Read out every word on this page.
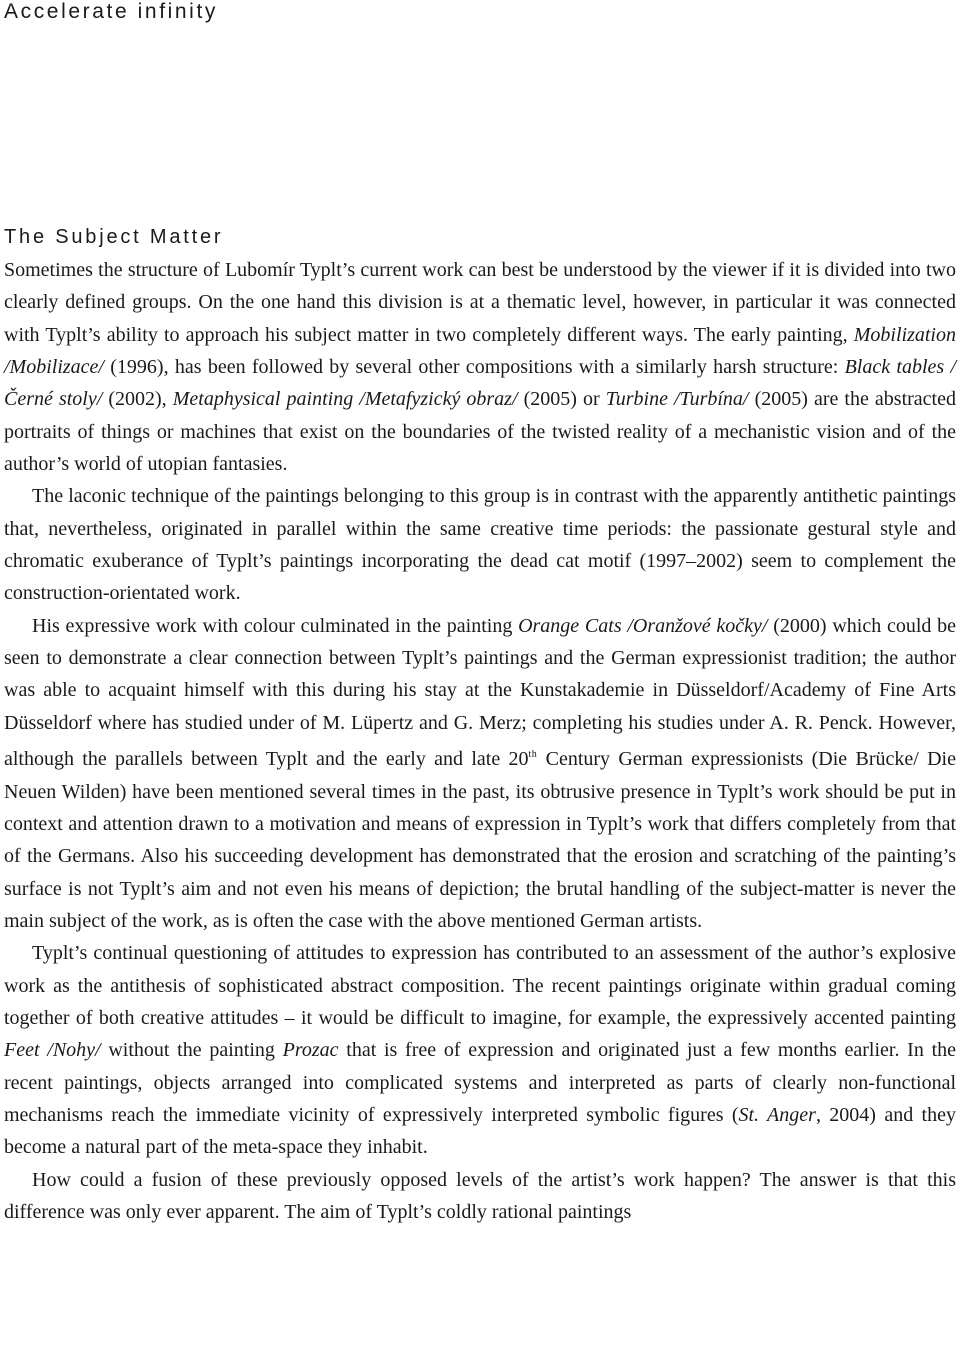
Accelerate infinity
The Subject Matter

Sometimes the structure of Lubomír Typlt’s current work can best be understood by the viewer if it is divided into two clearly defined groups. On the one hand this division is at a thematic level, however, in particular it was connected with Typlt’s ability to approach his subject matter in two completely different ways. The early painting, Mobilization /Mobilizace/ (1996), has been followed by several other compositions with a similarly harsh structure: Black tables /Černé stoly/ (2002), Metaphysical painting /Metafyzický obraz/ (2005) or Turbine /Turbína/ (2005) are the abstracted portraits of things or machines that exist on the boundaries of the twisted reality of a mechanistic vision and of the author’s world of utopian fantasies.

The laconic technique of the paintings belonging to this group is in contrast with the apparently antithetic paintings that, nevertheless, originated in parallel within the same creative time periods: the passionate gestural style and chromatic exuberance of Typlt’s paintings incorporating the dead cat motif (1997–2002) seem to complement the construction-orientated work.

His expressive work with colour culminated in the painting Orange Cats /Oranžové kočky/ (2000) which could be seen to demonstrate a clear connection between Typlt’s paintings and the German expressionist tradition; the author was able to acquaint himself with this during his stay at the Kunstakademie in Düsseldorf/Academy of Fine Arts Düsseldorf where has studied under of M. Lüpertz and G. Merz; completing his studies under A. R. Penck. However, although the parallels between Typlt and the early and late 20th Century German expressionists (Die Brücke/ Die Neuen Wilden) have been mentioned several times in the past, its obtrusive presence in Typlt’s work should be put in context and attention drawn to a motivation and means of expression in Typlt’s work that differs completely from that of the Germans. Also his succeeding development has demonstrated that the erosion and scratching of the painting’s surface is not Typlt’s aim and not even his means of depiction; the brutal handling of the subject-matter is never the main subject of the work, as is often the case with the above mentioned German artists.

Typlt’s continual questioning of attitudes to expression has contributed to an assessment of the author’s explosive work as the antithesis of sophisticated abstract composition. The recent paintings originate within gradual coming together of both creative attitudes – it would be difficult to imagine, for example, the expressively accented painting Feet /Nohy/ without the painting Prozac that is free of expression and originated just a few months earlier. In the recent paintings, objects arranged into complicated systems and interpreted as parts of clearly non-functional mechanisms reach the immediate vicinity of expressively interpreted symbolic figures (St. Anger, 2004) and they become a natural part of the meta-space they inhabit.

How could a fusion of these previously opposed levels of the artist’s work happen? The answer is that this difference was only ever apparent. The aim of Typlt’s coldly rational paintings
